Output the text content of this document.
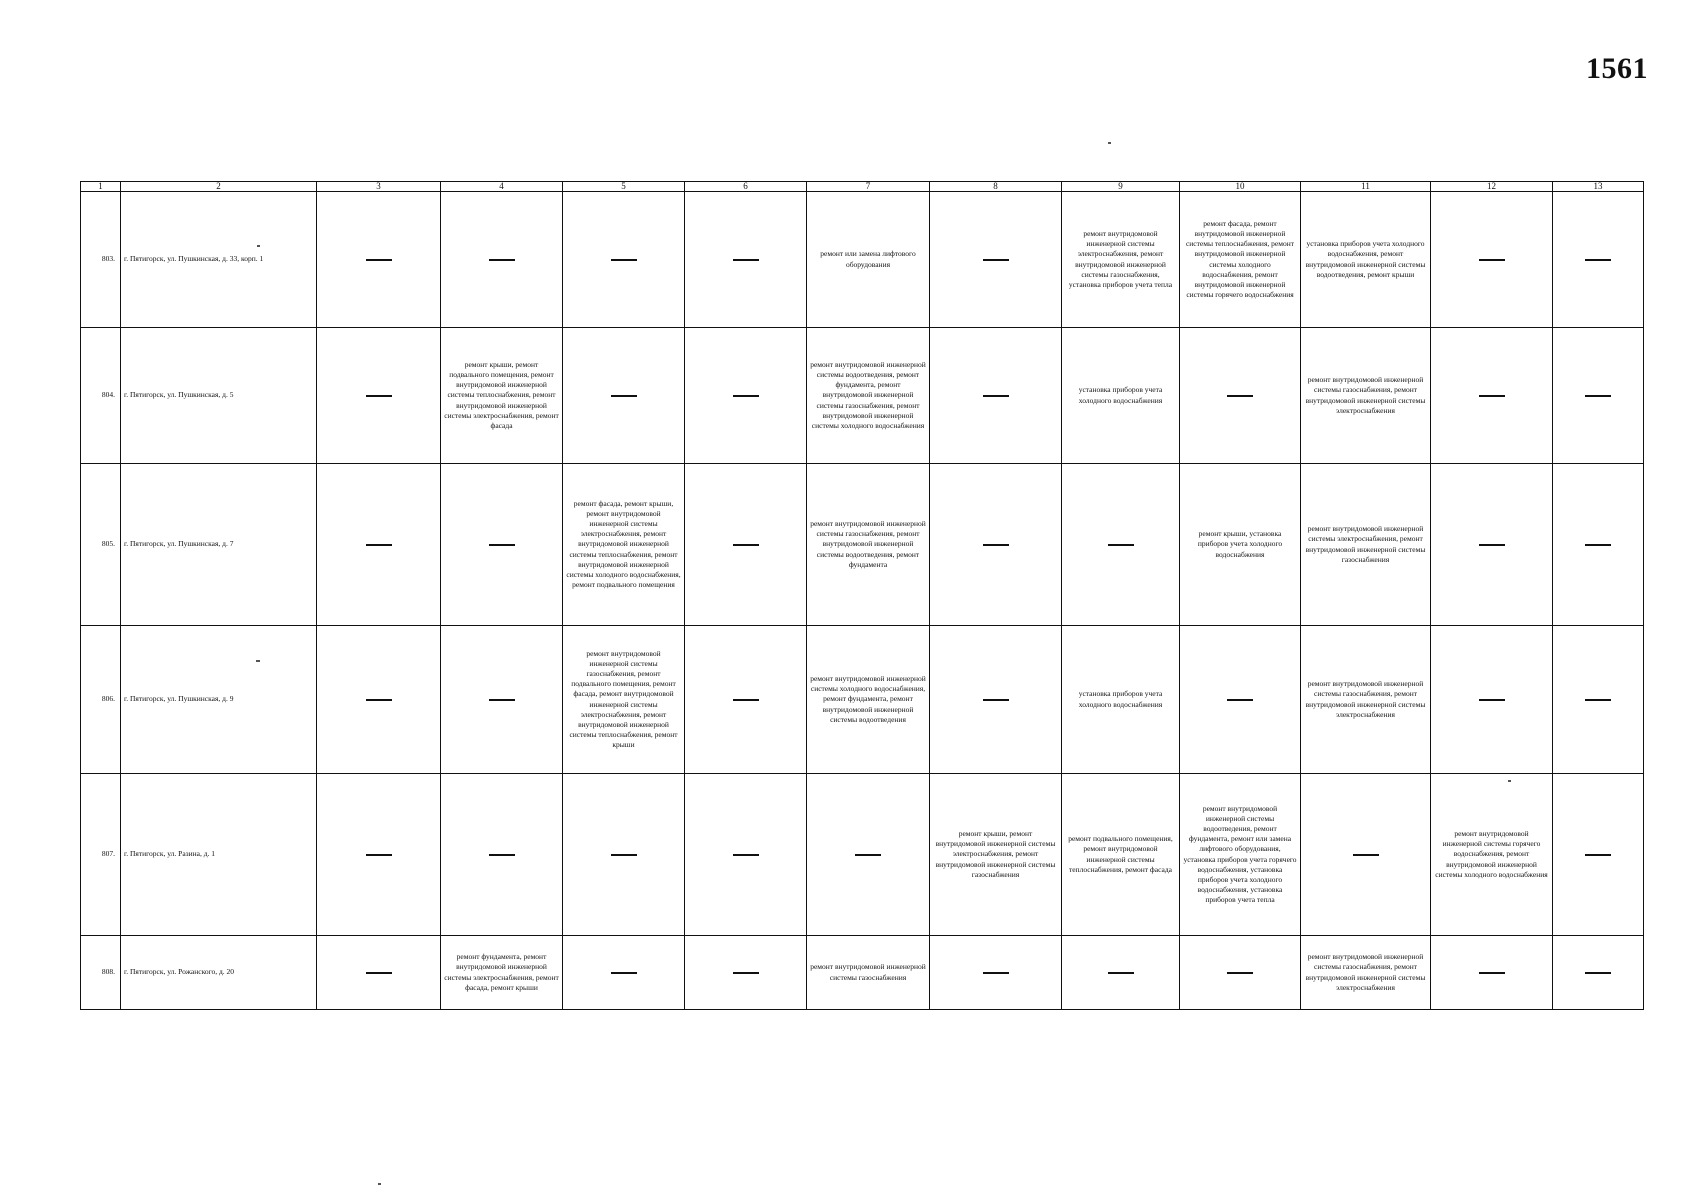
1561
1	2	3	4	5	6	7	8	9	10	11	12	13
803.	г. Пятигорск, ул. Пушкинская, д. 33, корп. 1					ремонт или замена лифтового оборудования		ремонт внутридомовой инженерной системы электроснабжения, ремонт внутридомовой инженерной системы газоснабжения, установка приборов учета тепла	ремонт фасада, ремонт внутридомовой инженерной системы теплоснабжения, ремонт внутридомовой инженерной системы холодного водоснабжения, ремонт внутридомовой инженерной системы горячего водоснабжения	установка приборов учета холодного водоснабжения, ремонт внутридомовой инженерной системы водоотведения, ремонт крыши		
804.	г. Пятигорск, ул. Пушкинская, д. 5		ремонт крыши, ремонт подвального помещения, ремонт внутридомовой инженерной системы теплоснабжения, ремонт внутридомовой инженерной системы электроснабжения, ремонт фасада			ремонт внутридомовой инженерной системы водоотведения, ремонт фундамента, ремонт внутридомовой инженерной системы газоснабжения, ремонт внутридомовой инженерной системы холодного водоснабжения		установка приборов учета холодного водоснабжения		ремонт внутридомовой инженерной системы газоснабжения, ремонт внутридомовой инженерной системы электроснабжения		
805.	г. Пятигорск, ул. Пушкинская, д. 7			ремонт фасада, ремонт крыши, ремонт внутридомовой инженерной системы электроснабжения, ремонт внутридомовой инженерной системы теплоснабжения, ремонт внутридомовой инженерной системы холодного водоснабжения, ремонт подвального помещения		ремонт внутридомовой инженерной системы газоснабжения, ремонт внутридомовой инженерной системы водоотведения, ремонт фундамента			ремонт крыши, установка приборов учета холодного водоснабжения	ремонт внутридомовой инженерной системы электроснабжения, ремонт внутридомовой инженерной системы газоснабжения		
806.	г. Пятигорск, ул. Пушкинская, д. 9			ремонт внутридомовой инженерной системы газоснабжения, ремонт подвального помещения, ремонт фасада, ремонт внутридомовой инженерной системы электроснабжения, ремонт внутридомовой инженерной системы теплоснабжения, ремонт крыши		ремонт внутридомовой инженерной системы холодного водоснабжения, ремонт фундамента, ремонт внутридомовой инженерной системы водоотведения		установка приборов учета холодного водоснабжения		ремонт внутридомовой инженерной системы газоснабжения, ремонт внутридомовой инженерной системы электроснабжения		
807.	г. Пятигорск, ул. Разина, д. 1						ремонт крыши, ремонт внутридомовой инженерной системы электроснабжения, ремонт внутридомовой инженерной системы газоснабжения	ремонт подвального помещения, ремонт внутридомовой инженерной системы теплоснабжения, ремонт фасада	ремонт внутридомовой инженерной системы водоотведения, ремонт фундамента, ремонт или замена лифтового оборудования, установка приборов учета горячего водоснабжения, установка приборов учета холодного водоснабжения, установка приборов учета тепла		ремонт внутридомовой инженерной системы горячего водоснабжения, ремонт внутридомовой инженерной системы холодного водоснабжения	
808.	г. Пятигорск, ул. Рожанского, д. 20		ремонт фундамента, ремонт внутридомовой инженерной системы электроснабжения, ремонт фасада, ремонт крыши			ремонт внутридомовой инженерной системы газоснабжения				ремонт внутридомовой инженерной системы газоснабжения, ремонт внутридомовой инженерной системы электроснабжения		
